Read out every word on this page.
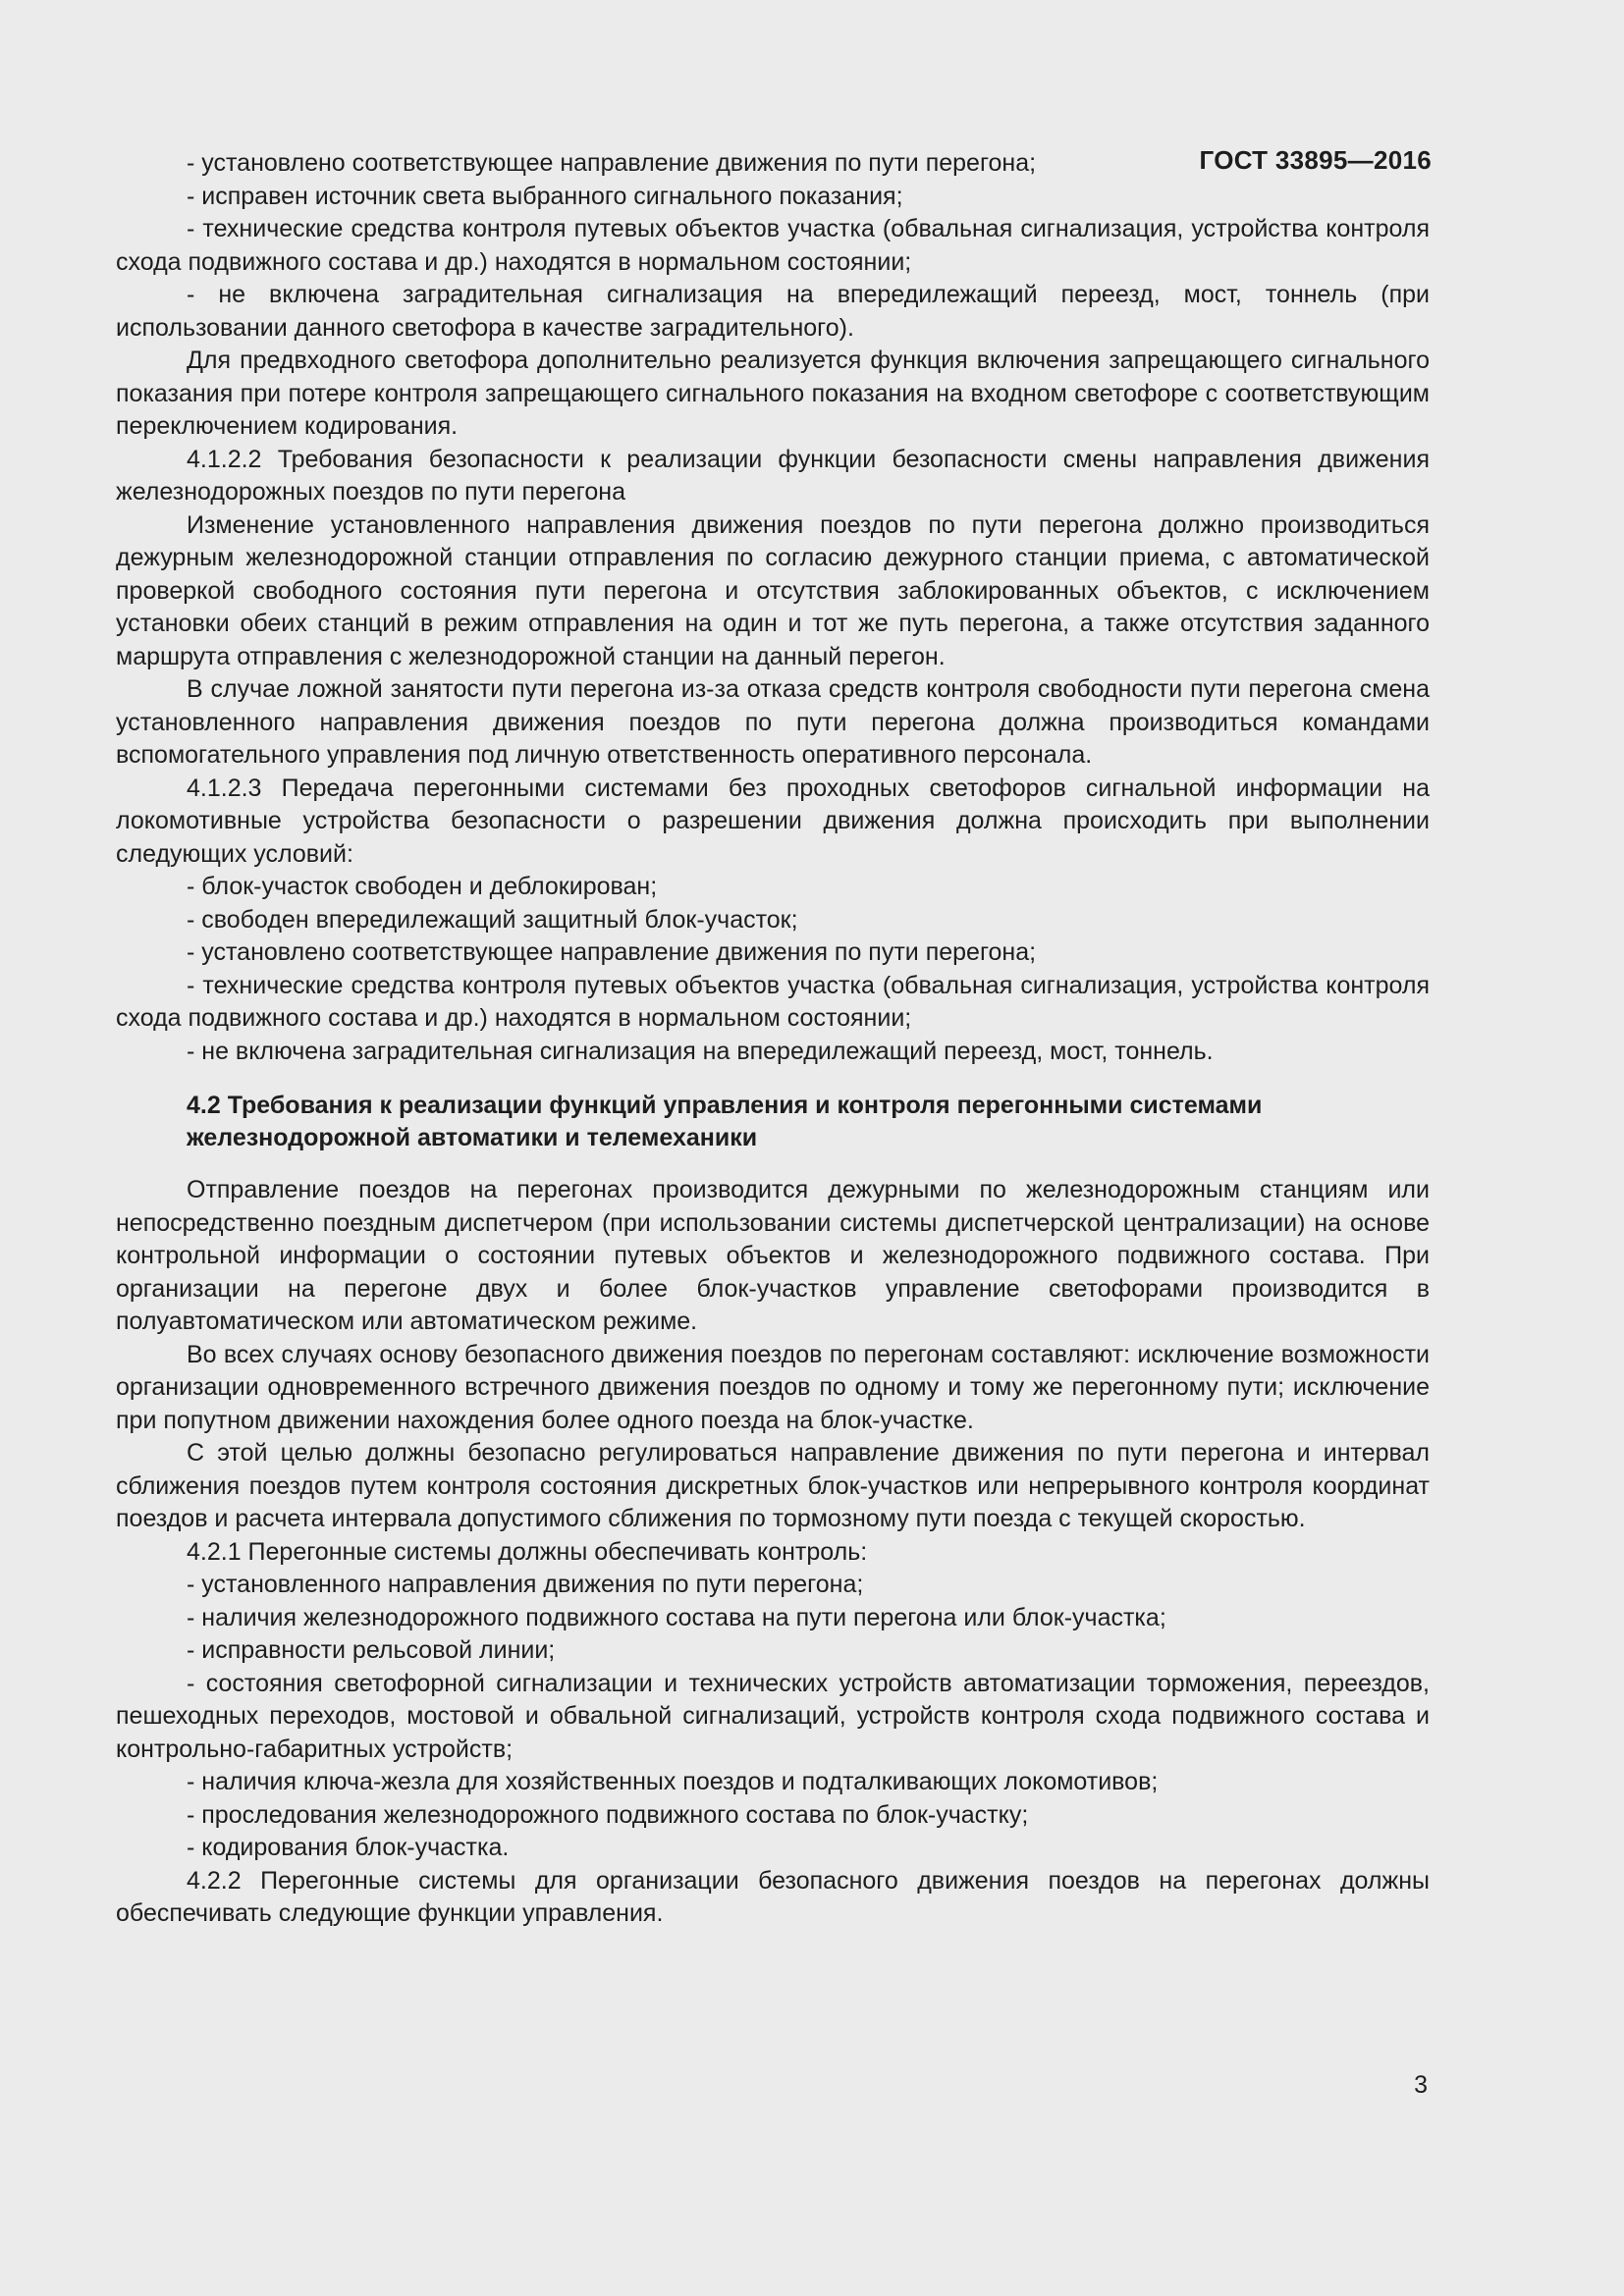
ГОСТ 33895—2016

- установлено соответствующее направление движения по пути перегона;

- исправен источник света выбранного сигнального показания;

- технические средства контроля путевых объектов участка (обвальная сигнализация, устройства контроля схода подвижного состава и др.) находятся в нормальном состоянии;

- не включена заградительная сигнализация на впередилежащий переезд, мост, тоннель (при использовании данного светофора в качестве заградительного).

Для предвходного светофора дополнительно реализуется функция включения запрещающего сигнального показания при потере контроля запрещающего сигнального показания на входном светофоре с соответствующим переключением кодирования.

4.1.2.2 Требования безопасности к реализации функции безопасности смены направления движения железнодорожных поездов по пути перегона

Изменение установленного направления движения поездов по пути перегона должно производиться дежурным железнодорожной станции отправления по согласию дежурного станции приема, с автоматической проверкой свободного состояния пути перегона и отсутствия заблокированных объектов, с исключением установки обеих станций в режим отправления на один и тот же путь перегона, а также отсутствия заданного маршрута отправления с железнодорожной станции на данный перегон.

В случае ложной занятости пути перегона из-за отказа средств контроля свободности пути перегона смена установленного направления движения поездов по пути перегона должна производиться командами вспомогательного управления под личную ответственность оперативного персонала.

4.1.2.3 Передача перегонными системами без проходных светофоров сигнальной информации на локомотивные устройства безопасности о разрешении движения должна происходить при выполнении следующих условий:

- блок-участок свободен и деблокирован;

- свободен впередилежащий защитный блок-участок;

- установлено соответствующее направление движения по пути перегона;

- технические средства контроля путевых объектов участка (обвальная сигнализация, устройства контроля схода подвижного состава и др.) находятся в нормальном состоянии;

- не включена заградительная сигнализация на впередилежащий переезд, мост, тоннель.

4.2 Требования к реализации функций управления и контроля перегонными системами железнодорожной автоматики и телемеханики

Отправление поездов на перегонах производится дежурными по железнодорожным станциям или непосредственно поездным диспетчером (при использовании системы диспетчерской централизации) на основе контрольной информации о состоянии путевых объектов и железнодорожного подвижного состава. При организации на перегоне двух и более блок-участков управление светофорами производится в полуавтоматическом или автоматическом режиме.

Во всех случаях основу безопасного движения поездов по перегонам составляют: исключение возможности организации одновременного встречного движения поездов по одному и тому же перегонному пути; исключение при попутном движении нахождения более одного поезда на блок-участке.

С этой целью должны безопасно регулироваться направление движения по пути перегона и интервал сближения поездов путем контроля состояния дискретных блок-участков или непрерывного контроля координат поездов и расчета интервала допустимого сближения по тормозному пути поезда с текущей скоростью.

4.2.1 Перегонные системы должны обеспечивать контроль:

- установленного направления движения по пути перегона;

- наличия железнодорожного подвижного состава на пути перегона или блок-участка;

- исправности рельсовой линии;

- состояния светофорной сигнализации и технических устройств автоматизации торможения, переездов, пешеходных переходов, мостовой и обвальной сигнализаций, устройств контроля схода подвижного состава и контрольно-габаритных устройств;

- наличия ключа-жезла для хозяйственных поездов и подталкивающих локомотивов;

- проследования железнодорожного подвижного состава по блок-участку;

- кодирования блок-участка.

4.2.2 Перегонные системы для организации безопасного движения поездов на перегонах должны обеспечивать следующие функции управления.

3
